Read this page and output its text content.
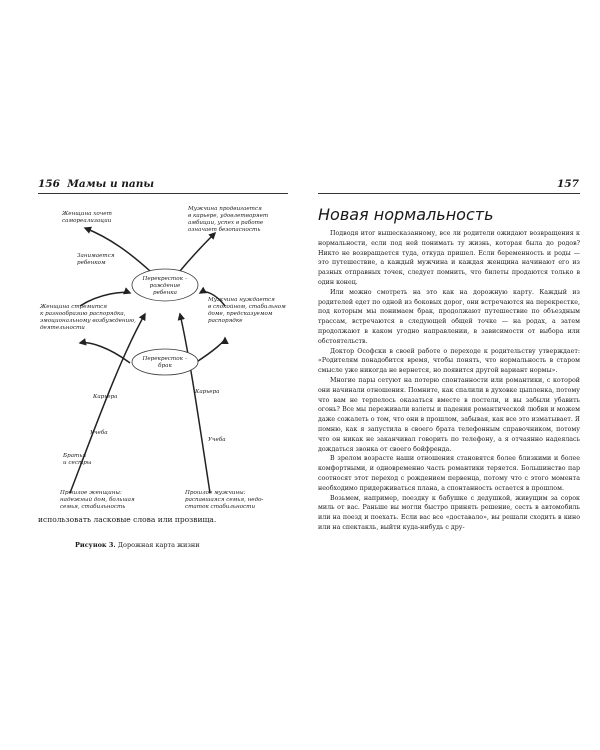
156 Мамы и папы
Перекресток –
рождение
ребенка
Перекресток –
брак
Женщина хочет
самореализации
Мужчина продвигается
в карьере, удовлетворяет
амбиции, успех в работе
означает безопасность
Занимается
ребенком
Женщина стремится
к разнообразию распорядка,
эмоциональному возбуждению,
деятельности
Мужчина нуждается
в спокойном, стабильном
доме, предсказуемом
распорядке
Карьера
Карьера
Учеба
Учеба
Братья
и сестры
Прошлое женщины:
надежный дом, большая
семья, стабильность
Прошлое мужчины:
распавшаяся семья, недо-
статок стабильности
использовать ласковые слова или прозвища.
Рисунок 3. Дорожная карта жизни
157
Новая нормальность

Подводя итог вышесказанному, все ли родители ожидают возвращения к нормальности, если под ней понимать ту жизнь, которая была до родов? Никто не возвращается туда, откуда пришел. Если беременность и роды — это путешествие, а каждый мужчина и каждая женщина начинают его из разных отправных точек, следует помнить, что билеты продаются только в один конец.

Или можно смотреть на это как на дорожную карту. Каждый из родителей едет по одной из боковых дорог, они встречаются на перекрестке, под которым мы понимаем брак, продолжают путешествие по объездным трассам, встречаются в следующей общей точке — на родах, а затем продолжают в каком угодно направлении, в зависимости от выбора или обстоятельств.

Доктор Ософски в своей работе о переходе к родительству утверждает: «Родителям понадобится время, чтобы понять, что нормальность в старом смысле уже никогда не вернется, но появится другой вариант нормы».

Многие пары сетуют на потерю спонтанности или романтики, с которой они начинали отношения. Помните, как спалили в духовке цыпленка, потому что вам не терпелось оказаться вместе в постели, и вы забыли убавить огонь? Все мы переживали взлеты и падения романтической любви и можем даже сожалеть о том, что они в прошлом, забывая, как все это изматывает. Я помню, как я запустила в своего брата телефонным справочником, потому что он никак не заканчивал говорить по телефону, а я отчаянно надеялась дождаться звонка от своего бойфренда.

В зрелом возрасте наши отношения становятся более близкими и более комфортными, и одновременно часть романтики теряется. Большинство пар соотносят этот переход с рождением первенца, потому что с этого момента необходимо придерживаться плана, а спонтанность остается в прошлом.

Возьмем, например, поездку к бабушке с дедушкой, живущим за сорок миль от вас. Раньше вы могли быстро принять решение, сесть в автомобиль или на поезд и поехать. Если вас все «доставало», вы решали сходить в кино или на спектакль, выйти куда-нибудь с дру-
